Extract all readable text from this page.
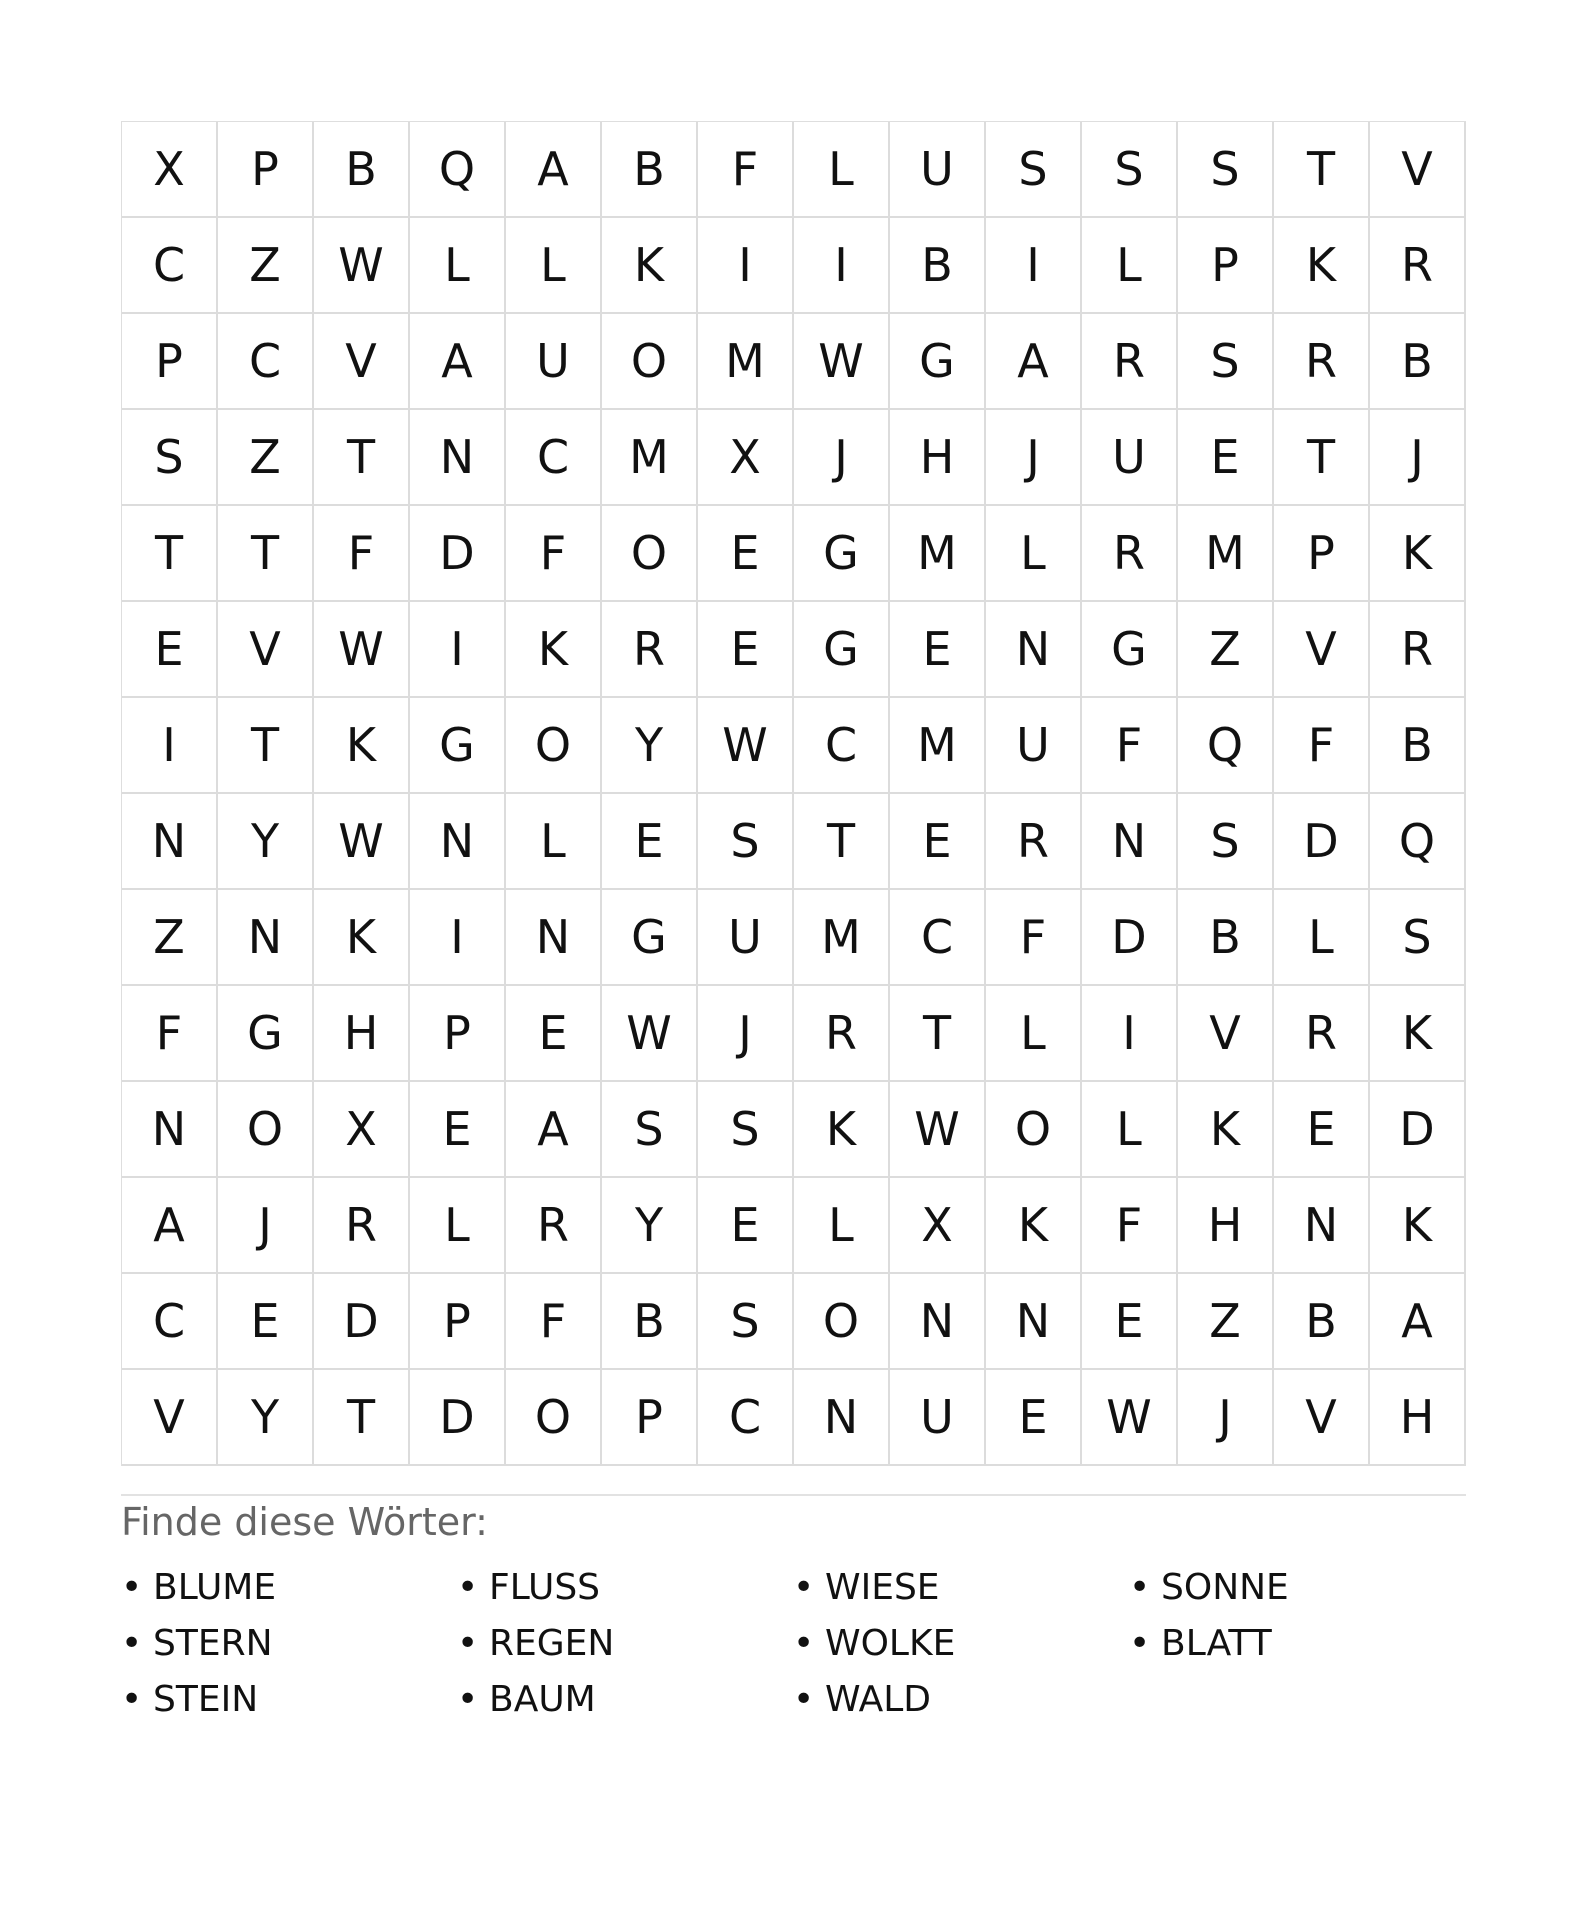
X	P	B	Q	A	B	F	L	U	S	S	S	T	V
C	Z	W	L	L	K	I	I	B	I	L	P	K	R
P	C	V	A	U	O	M	W	G	A	R	S	R	B
S	Z	T	N	C	M	X	J	H	J	U	E	T	J
T	T	F	D	F	O	E	G	M	L	R	M	P	K
E	V	W	I	K	R	E	G	E	N	G	Z	V	R
I	T	K	G	O	Y	W	C	M	U	F	Q	F	B
N	Y	W	N	L	E	S	T	E	R	N	S	D	Q
Z	N	K	I	N	G	U	M	C	F	D	B	L	S
F	G	H	P	E	W	J	R	T	L	I	V	R	K
N	O	X	E	A	S	S	K	W	O	L	K	E	D
A	J	R	L	R	Y	E	L	X	K	F	H	N	K
C	E	D	P	F	B	S	O	N	N	E	Z	B	A
V	Y	T	D	O	P	C	N	U	E	W	J	V	H
Finde diese Wörter:
• BLUME
• STERN
• STEIN
• FLUSS
• REGEN
• BAUM
• WIESE
• WOLKE
• WALD
• SONNE
• BLATT
